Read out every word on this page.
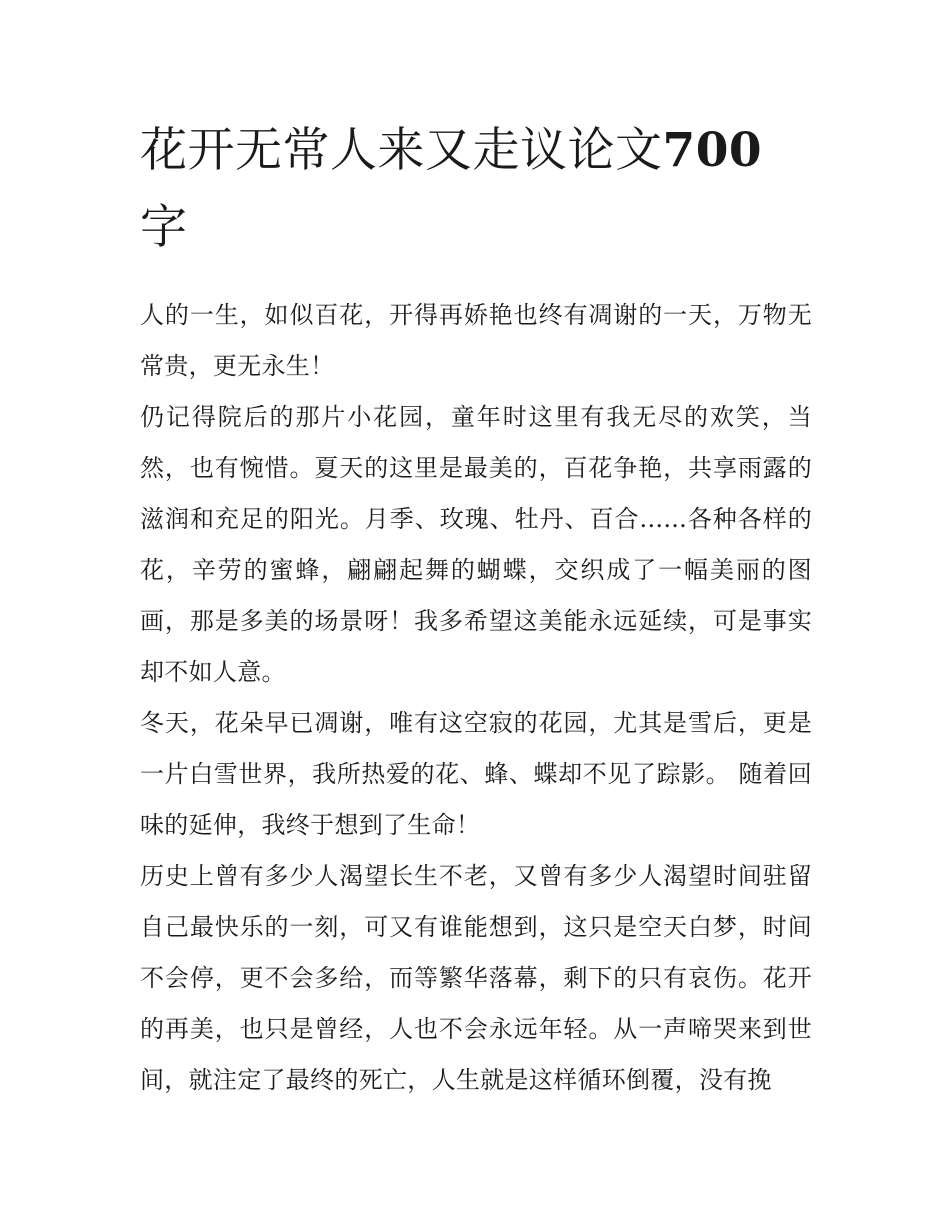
花开无常人来又走议论文700
字

人的一生，如似百花，开得再娇艳也终有凋谢的一天，万物无常贵，更无永生！

仍记得院后的那片小花园，童年时这里有我无尽的欢笑，当然，也有惋惜。夏天的这里是最美的，百花争艳，共享雨露的滋润和充足的阳光。月季、玫瑰、牡丹、百合......各种各样的花，辛劳的蜜蜂，翩翩起舞的蝴蝶，交织成了一幅美丽的图画，那是多美的场景呀！我多希望这美能永远延续，可是事实却不如人意。

冬天，花朵早已凋谢，唯有这空寂的花园，尤其是雪后，更是一片白雪世界，我所热爱的花、蜂、蝶却不见了踪影。 随着回味的延伸，我终于想到了生命！

历史上曾有多少人渴望长生不老，又曾有多少人渴望时间驻留自己最快乐的一刻，可又有谁能想到，这只是空天白梦，时间不会停，更不会多给，而等繁华落幕，剩下的只有哀伤。花开的再美，也只是曾经，人也不会永远年轻。从一声啼哭来到世间，就注定了最终的死亡，人生就是这样循环倒覆，没有挽
